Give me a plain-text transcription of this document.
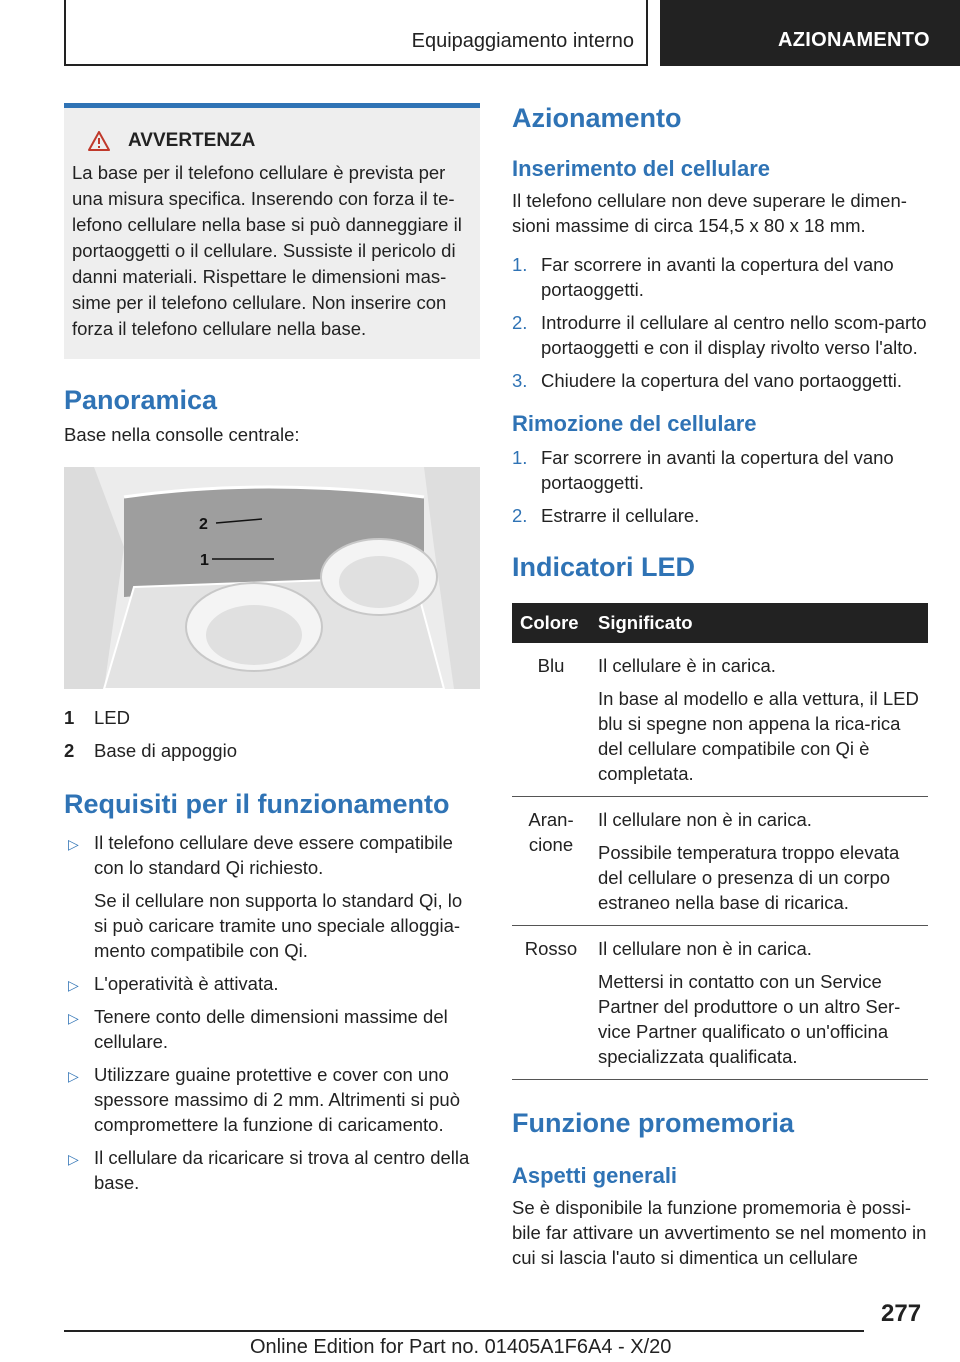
Equipaggiamento interno	AZIONAMENTO
AVVERTENZA

La base per il telefono cellulare è prevista per una misura specifica. Inserendo con forza il te-lefono cellulare nella base si può danneggiare il portaoggetti o il cellulare. Sussiste il pericolo di danni materiali. Rispettare le dimensioni mas-sime per il telefono cellulare. Non inserire con forza il telefono cellulare nella base.

Panoramica

Base nella consolle centrale:

2
1
1	LED
2	Base di appoggio
Requisiti per il funzionamento
▷ Il telefono cellulare deve essere compatibile con lo standard Qi richiesto.
Se il cellulare non supporta lo standard Qi, lo si può caricare tramite uno speciale alloggia-mento compatibile con Qi.
▷ L'operatività è attivata.
▷ Tenere conto delle dimensioni massime del cellulare.
▷ Utilizzare guaine protettive e cover con uno spessore massimo di 2 mm. Altrimenti si può compromettere la funzione di caricamento.
▷ Il cellulare da ricaricare si trova al centro della base.
Azionamento
Inserimento del cellulare

Il telefono cellulare non deve superare le dimen-sioni massime di circa 154,5 x 80 x 18 mm.

1. Far scorrere in avanti la copertura del vano portaoggetti.
2. Introdurre il cellulare al centro nello scom-parto portaoggetti e con il display rivolto verso l'alto.
3. Chiudere la copertura del vano portaoggetti.
Rimozione del cellulare
1. Far scorrere in avanti la copertura del vano portaoggetti.
2. Estrarre il cellulare.
Indicatori LED
Colore	Significato
Blu	Il cellulare è in carica.

In base al modello e alla vettura, il LED blu si spegne non appena la rica-rica del cellulare compatibile con Qi è completata.

Aran-cione	Il cellulare non è in carica.

Possibile temperatura troppo elevata del cellulare o presenza di un corpo estraneo nella base di ricarica.

Rosso	Il cellulare non è in carica.

Mettersi in contatto con un Service Partner del produttore o un altro Ser-vice Partner qualificato o un'officina specializzata qualificata.

Funzione promemoria
Aspetti generali

Se è disponibile la funzione promemoria è possi-bile far attivare un avvertimento se nel momento in cui si lascia l'auto si dimentica un cellulare

277
Online Edition for Part no. 01405A1F6A4 - X/20
